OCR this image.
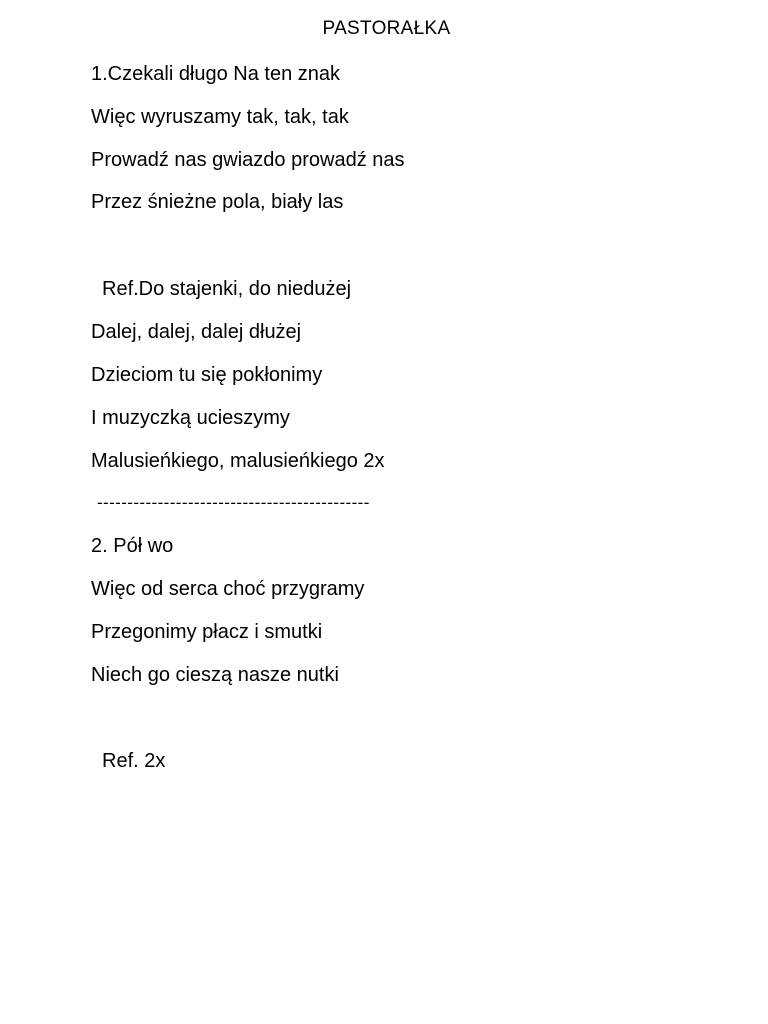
PASTORAŁKA
1.Czekali długo Na ten znak
Więc wyruszamy tak, tak, tak
Prowadź nas gwiazdo prowadź nas
Przez śnieżne pola, biały las
Ref.Do stajenki, do niedużej
Dalej, dalej, dalej dłużej
Dzieciom tu się pokłonimy
I muzyczką ucieszymy
Malusieńkiego, malusieńkiego 2x
---------------------------------------------
2. Pół wo
Więc od serca choć przygramy
Przegonimy płacz i smutki
Niech go cieszą nasze nutki
Ref. 2x
